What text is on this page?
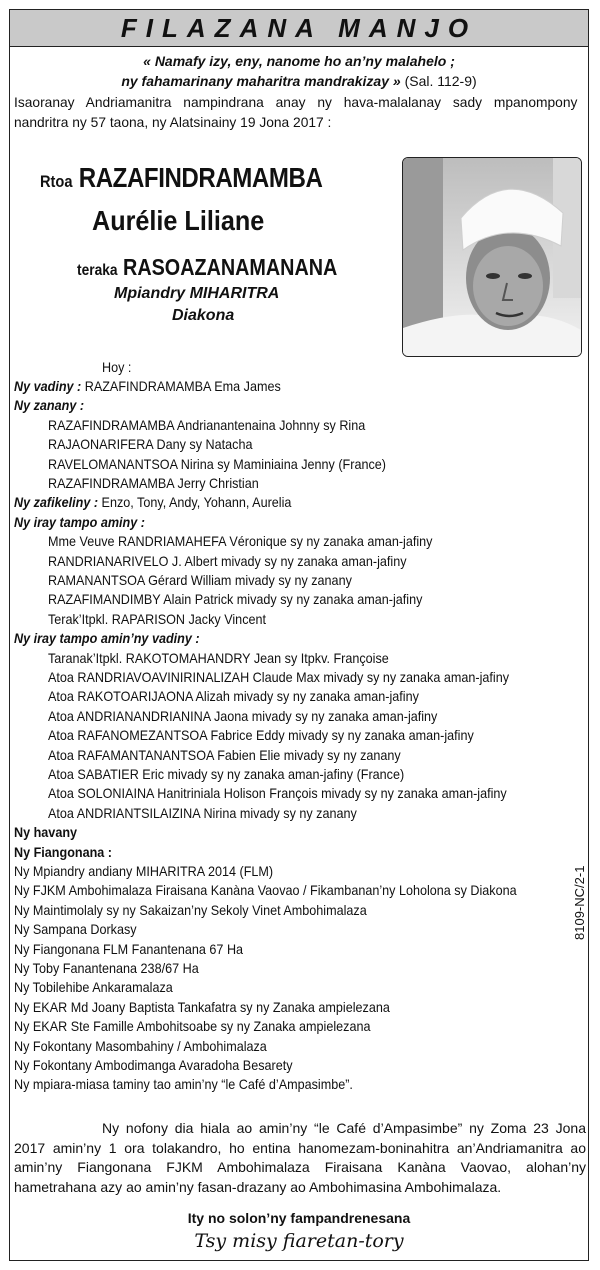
FILAZANA MANJO
« Namafy izy, eny, nanome ho an’ny malahelo ;
ny fahamarinany maharitra mandrakizay » (Sal. 112-9)
Isaoranay Andriamanitra nampindrana anay ny hava-malalanay sady mpanompony nandritra ny 57 taona, ny Alatsinainy 19 Jona 2017 :
Rtoa RAZAFINDRAMAMBA
Aurélie Liliane
teraka RASOAZANAMANANA
Mpiandry MIHARITRA
Diakona
Hoy :
Ny vadiny : RAZAFINDRAMAMBA Ema James
Ny zanany :
RAZAFINDRAMAMBA Andrianantenaina Johnny sy Rina
RAJAONARIFERA Dany sy Natacha
RAVELOMANANTSOA Nirina sy Maminiaina Jenny (France)
RAZAFINDRAMAMBA Jerry Christian
Ny zafikeliny : Enzo, Tony, Andy, Yohann, Aurelia
Ny iray tampo aminy :
Mme Veuve RANDRIAMAHEFA Véronique sy ny zanaka aman-jafiny
RANDRIANARIVELO J. Albert mivady sy ny zanaka aman-jafiny
RAMANANTSOA Gérard William mivady sy ny zanany
RAZAFIMANDIMBY Alain Patrick mivady sy ny zanaka aman-jafiny
Terak’Itpkl. RAPARISON Jacky Vincent
Ny iray tampo amin’ny vadiny :
Taranak’Itpkl. RAKOTOMAHANDRY Jean sy Itpkv. Françoise
Atoa RANDRIAVOAVINIRINALIZAH Claude Max mivady sy ny zanaka aman-jafiny
Atoa RAKOTOARIJAONA Alizah mivady sy ny zanaka aman-jafiny
Atoa ANDRIANANDRIANINA Jaona mivady sy ny zanaka aman-jafiny
Atoa RAFANOMEZANTSOA Fabrice Eddy mivady sy ny zanaka aman-jafiny
Atoa RAFAMANTANANTSOA Fabien Elie mivady sy ny zanany
Atoa SABATIER Eric mivady sy ny zanaka aman-jafiny (France)
Atoa SOLONIAINA Hanitriniala Holison François mivady sy ny zanaka aman-jafiny
Atoa ANDRIANTSILAIZINA Nirina mivady sy ny zanany
Ny havany
Ny Fiangonana :
Ny Mpiandry andiany MIHARITRA 2014 (FLM)
Ny FJKM Ambohimalaza Firaisana Kanàna Vaovao / Fikambanan’ny Loholona sy Diakona
Ny Maintimolaly sy ny Sakaizan’ny Sekoly Vinet Ambohimalaza
Ny Sampana Dorkasy
Ny Fiangonana FLM Fanantenana 67 Ha
Ny Toby Fanantenana 238/67 Ha
Ny Tobilehibe Ankaramalaza
Ny EKAR Md Joany Baptista Tankafatra sy ny Zanaka ampielezana
Ny EKAR Ste Famille Ambohitsoabe sy ny Zanaka ampielezana
Ny Fokontany Masombahiny / Ambohimalaza
Ny Fokontany Ambodimanga Avaradoha Besarety
Ny mpiara-miasa taminy tao amin’ny “le Café d’Ampasimbe”.
Ny nofony dia hiala ao amin’ny “le Café d’Ampasimbe” ny Zoma 23 Jona 2017 amin’ny 1 ora tolakandro, ho entina hanomezam-boninahitra an’Andriamanitra ao amin’ny Fiangonana FJKM Ambohimalaza Firaisana Kanàna Vaovao, alohan’ny hametrahana azy ao amin’ny fasan-drazany ao Ambohimasina Ambohimalaza.
Ity no solon’ny fampandrenesana
Tsy misy fiaretan-tory
8109-NC/2-1
